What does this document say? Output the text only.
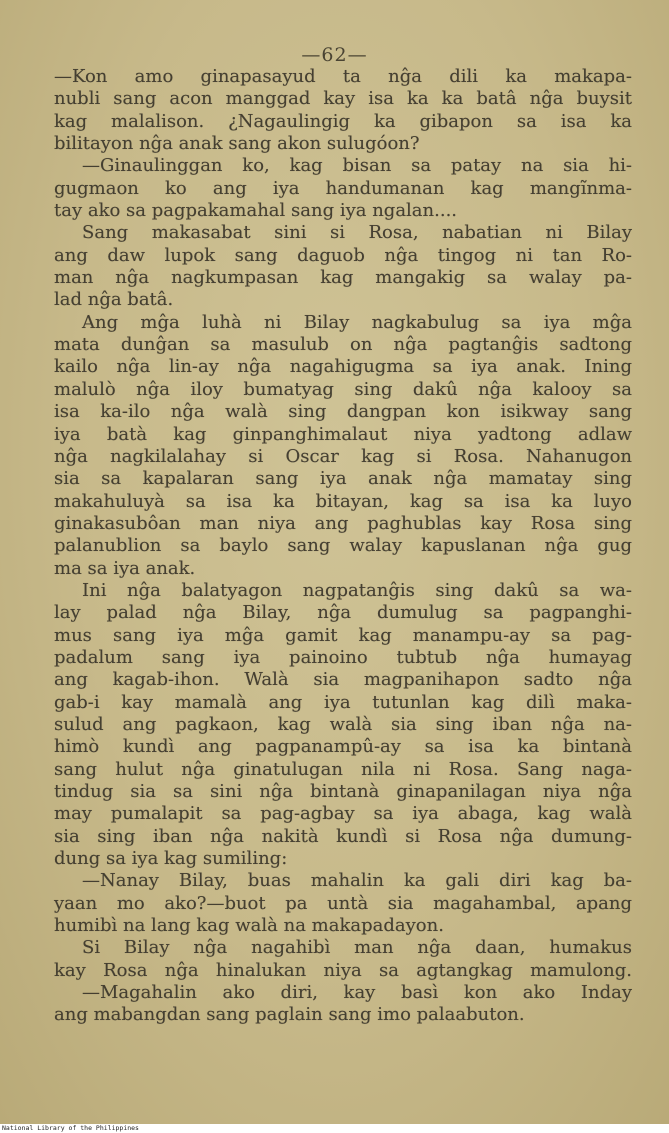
—62—
—Kon amo ginapasayud ta nĝa dili ka makapa-
nubli sang acon manggad kay isa ka ka batâ nĝa buysit
kag malalison. ¿Nagaulingig ka gibapon sa isa ka
bilitayon nĝa anak sang akon sulugóon?
—Ginaulinggan ko, kag bisan sa patay na sia hi-
gugmaon ko ang iya handumanan kag mangĩnma-
tay ako sa pagpakamahal sang iya ngalan....
Sang makasabat sini si Rosa, nabatian ni Bilay
ang daw lupok sang daguob nĝa tingog ni tan Ro-
man nĝa nagkumpasan kag mangakig sa walay pa-
lad nĝa batâ.
Ang mĝa luhà ni Bilay nagkabulug sa iya mĝa
mata dunĝan sa masulub on nĝa pagtanĝis sadtong
kailo nĝa lin-ay nĝa nagahigugma sa iya anak. Ining
malulò nĝa iloy bumatyag sing dakû nĝa kalooy sa
isa ka-ilo nĝa walà sing dangpan kon isikway sang
iya batà kag ginpanghimalaut niya yadtong adlaw
nĝa nagkilalahay si Oscar kag si Rosa. Nahanugon
sia sa kapalaran sang iya anak nĝa mamatay sing
makahuluyà sa isa ka bitayan, kag sa isa ka luyo
ginakasubôan man niya ang paghublas kay Rosa sing
palanublion sa baylo sang walay kapuslanan nĝa gug
ma sa iya anak.
Ini nĝa balatyagon nagpatanĝis sing dakû sa wa-
lay palad nĝa Bilay, nĝa dumulug sa pagpanghi-
mus sang iya mĝa gamit kag manampu-ay sa pag-
padalum sang iya painoino tubtub nĝa humayag
ang kagab-ihon. Walà sia magpanihapon sadto nĝa
gab-i kay mamalà ang iya tutunlan kag dilì maka-
sulud ang pagkaon, kag walà sia sing iban nĝa na-
himò kundì ang pagpanampû-ay sa isa ka bintanà
sang hulut nĝa ginatulugan nila ni Rosa. Sang naga-
tindug sia sa sini nĝa bintanà ginapanilagan niya nĝa
may pumalapit sa pag-agbay sa iya abaga, kag walà
sia sing iban nĝa nakità kundì si Rosa nĝa dumung-
dung sa iya kag sumiling:
—Nanay Bilay, buas mahalin ka gali diri kag ba-
yaan mo ako?—buot pa untà sia magahambal, apang
humibì na lang kag walà na makapadayon.
Si Bilay nĝa nagahibì man nĝa daan, humakus
kay Rosa nĝa hinalukan niya sa agtangkag mamulong.
—Magahalin ako diri, kay basì kon ako Inday
ang mabangdan sang paglain sang imo palaabuton.
National Library of the Philippines
